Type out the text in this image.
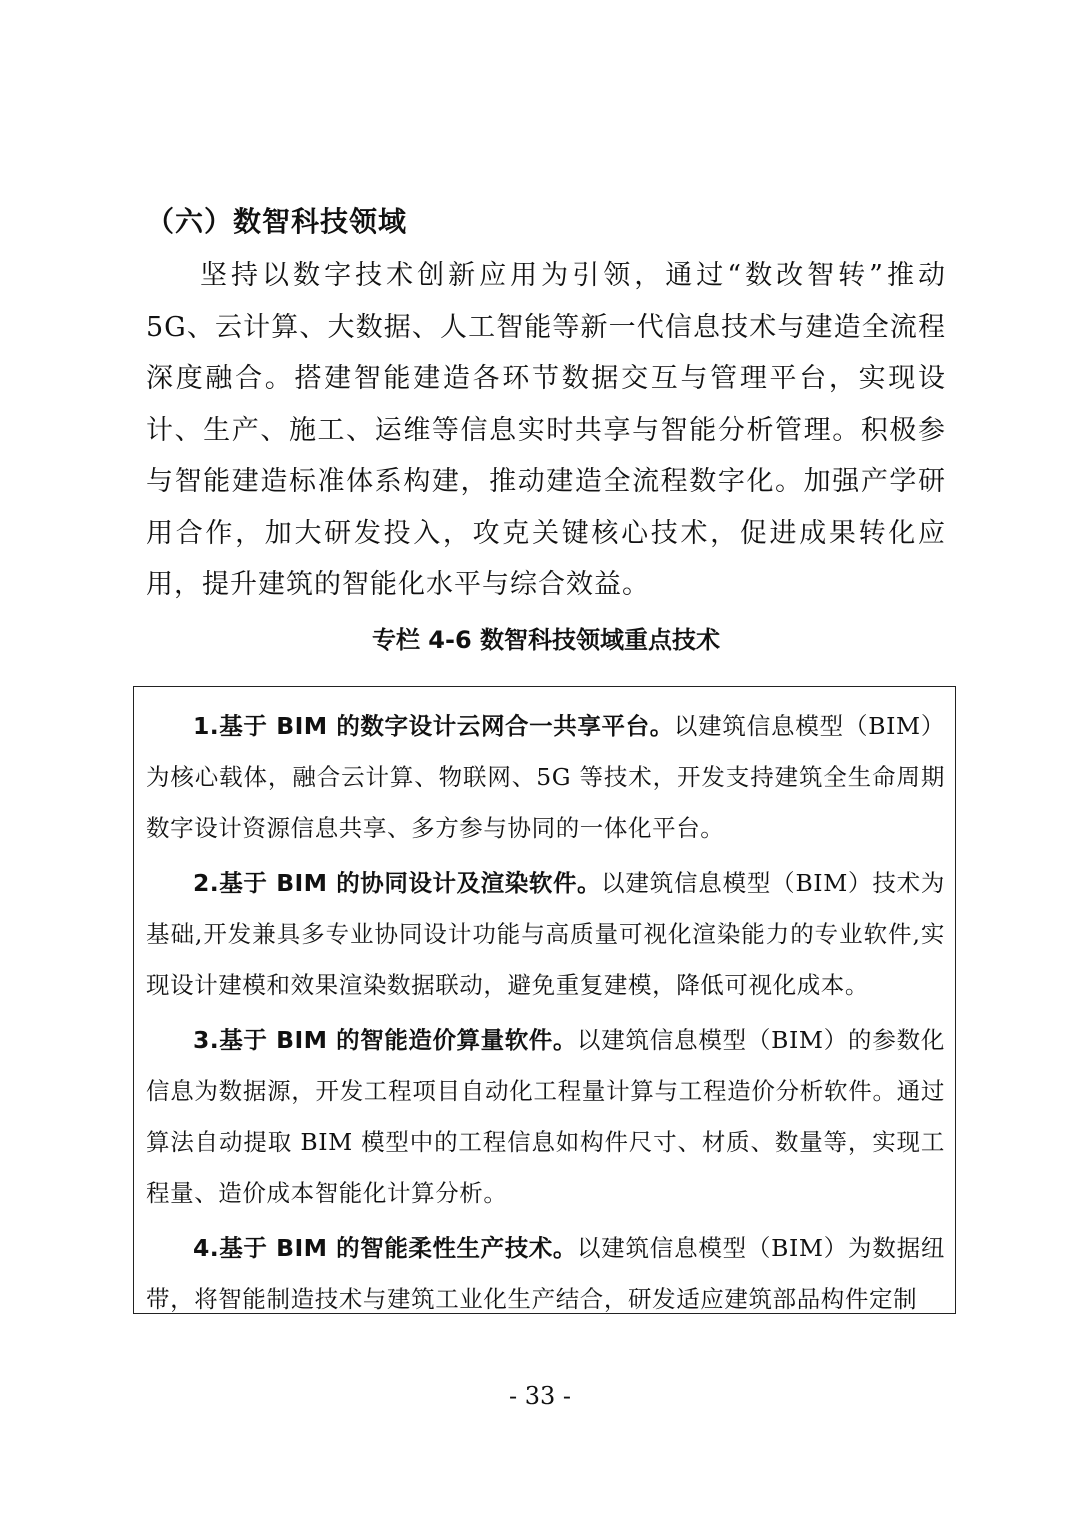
（六）数智科技领域

坚持以数字技术创新应用为引领，通过“数改智转”推动 5G、云计算、大数据、人工智能等新一代信息技术与建造全流程深度融合。搭建智能建造各环节数据交互与管理平台，实现设计、生产、施工、运维等信息实时共享与智能分析管理。积极参与智能建造标准体系构建，推动建造全流程数字化。加强产学研用合作，加大研发投入，攻克关键核心技术，促进成果转化应用，提升建筑的智能化水平与综合效益。

专栏 4-6 数智科技领域重点技术

1.基于 BIM 的数字设计云网合一共享平台。以建筑信息模型（BIM）为核心载体，融合云计算、物联网、5G 等技术，开发支持建筑全生命周期数字设计资源信息共享、多方参与协同的一体化平台。

2.基于 BIM 的协同设计及渲染软件。以建筑信息模型（BIM）技术为基础,开发兼具多专业协同设计功能与高质量可视化渲染能力的专业软件,实现设计建模和效果渲染数据联动，避免重复建模，降低可视化成本。

3.基于 BIM 的智能造价算量软件。以建筑信息模型（BIM）的参数化信息为数据源，开发工程项目自动化工程量计算与工程造价分析软件。通过算法自动提取 BIM 模型中的工程信息如构件尺寸、材质、数量等，实现工程量、造价成本智能化计算分析。

4.基于 BIM 的智能柔性生产技术。以建筑信息模型（BIM）为数据纽带，将智能制造技术与建筑工业化生产结合，研发适应建筑部品构件定制

- 33 -
